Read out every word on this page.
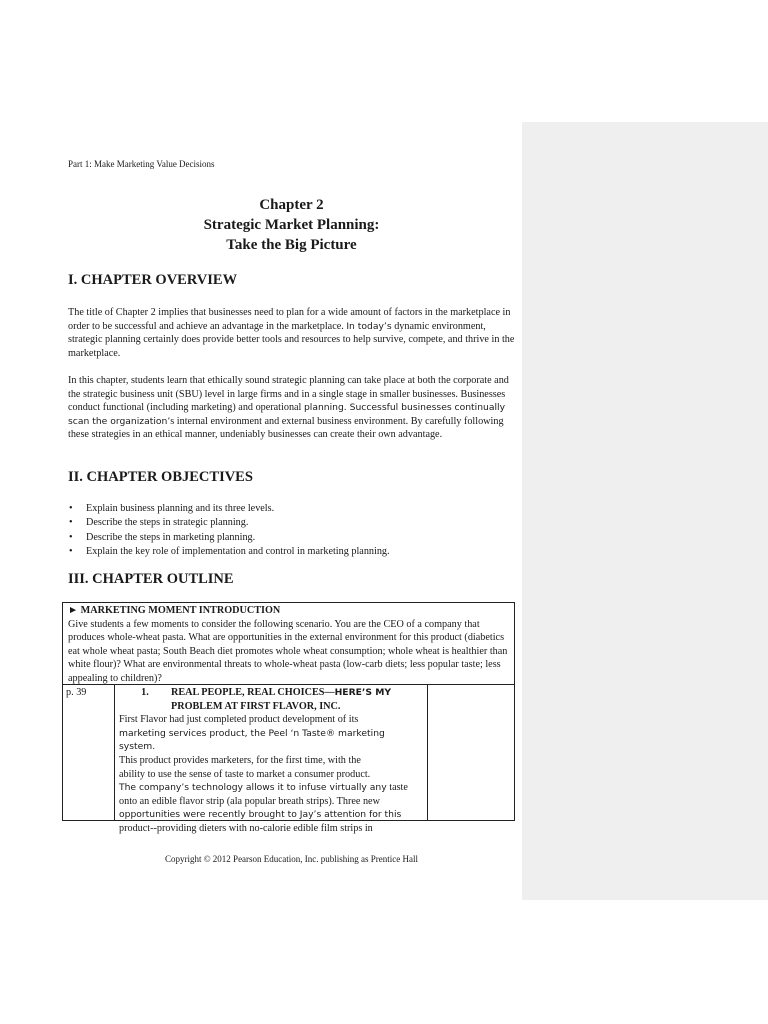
Part 1: Make Marketing Value Decisions
Chapter 2
Strategic Market Planning:
Take the Big Picture
I. CHAPTER OVERVIEW
The title of Chapter 2 implies that businesses need to plan for a wide amount of factors in the marketplace in order to be successful and achieve an advantage in the marketplace. In today’s dynamic environment, strategic planning certainly does provide better tools and resources to help survive, compete, and thrive in the marketplace.
In this chapter, students learn that ethically sound strategic planning can take place at both the corporate and the strategic business unit (SBU) level in large firms and in a single stage in smaller businesses. Businesses conduct functional (including marketing) and operational planning. Successful businesses continually scan the organization’s internal environment and external business environment. By carefully following these strategies in an ethical manner, undeniably businesses can create their own advantage.
II. CHAPTER OBJECTIVES
• Explain business planning and its three levels.
• Describe the steps in strategic planning.
• Describe the steps in marketing planning.
• Explain the key role of implementation and control in marketing planning.
III. CHAPTER OUTLINE
► MARKETING MOMENT INTRODUCTION
Give students a few moments to consider the following scenario. You are the CEO of a company that produces whole-wheat pasta. What are opportunities in the external environment for this product (diabetics eat whole wheat pasta; South Beach diet promotes whole wheat consumption; whole wheat is healthier than white flour)? What are environmental threats to whole-wheat pasta (low-carb diets; less popular taste; less appealing to children)?
p. 39	1.	REAL PEOPLE, REAL CHOICES—HERE’S MY
PROBLEM AT FIRST FLAVOR, INC.
First Flavor had just completed product development of its
marketing services product, the Peel ‘n Taste® marketing system.
This product provides marketers, for the first time, with the
ability to use the sense of taste to market a consumer product.
The company’s technology allows it to infuse virtually any taste
onto an edible flavor strip (ala popular breath strips). Three new
opportunities were recently brought to Jay’s attention for this
product--providing dieters with no-calorie edible film strips in
Copyright © 2012 Pearson Education, Inc. publishing as Prentice Hall
